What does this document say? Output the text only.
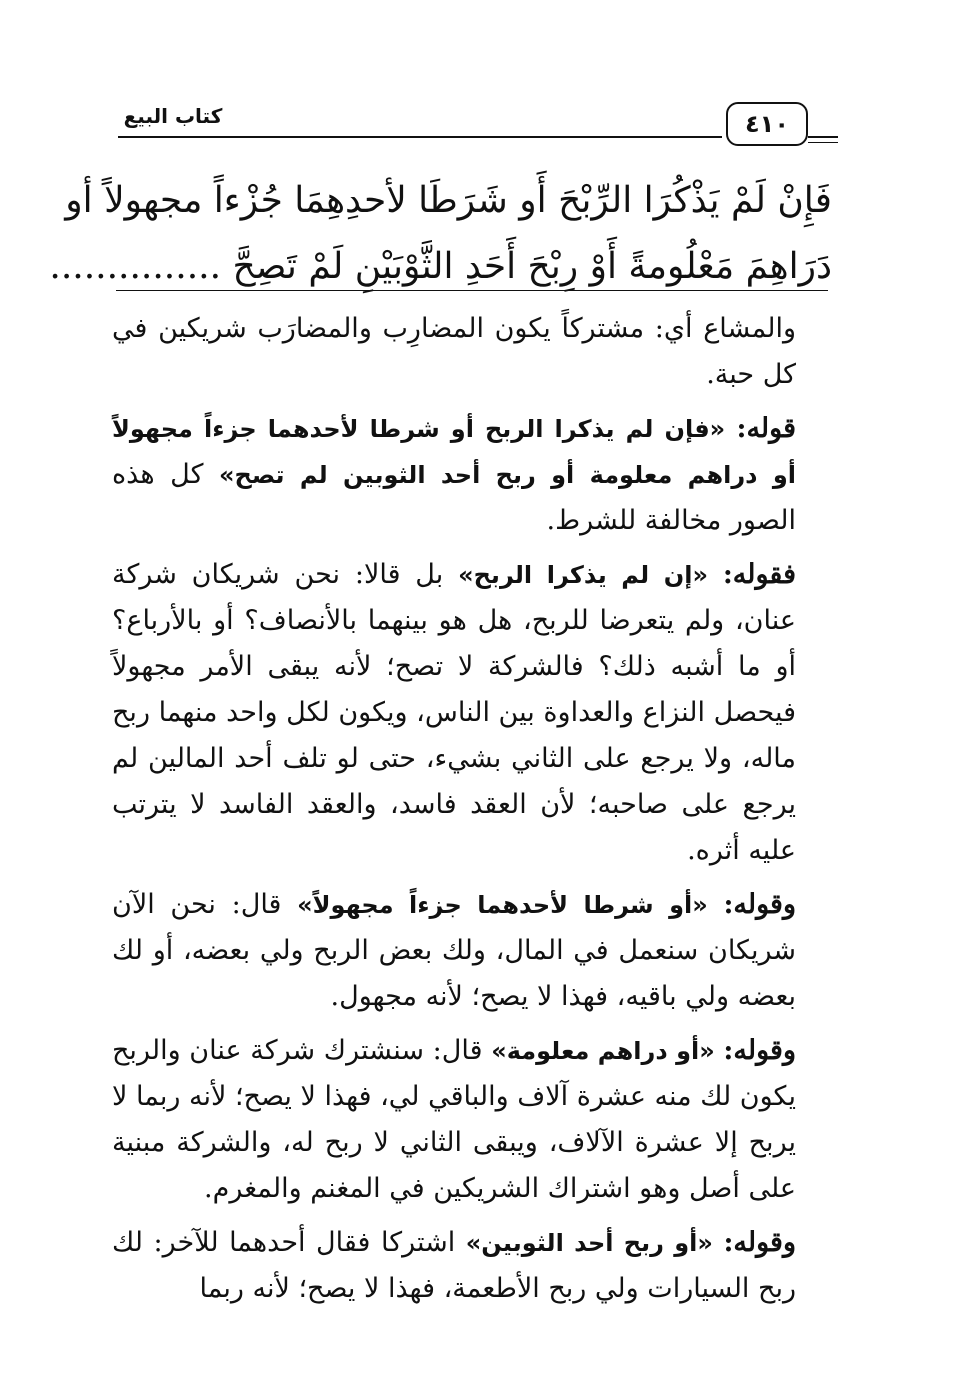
كتاب البيع	٤١٠
فَإِنْ لَمْ يَذْكُرَا الرِّبْحَ أَو شَرَطَا لأحدِهِمَا جُزْءاً مجهولاً أو
دَرَاهِمَ مَعْلُومةً أَوْ رِبْحَ أَحَدِ الثَّوْبَيْنِ لَمْ تَصِحَّ ...............

والمشاع أي: مشتركاً يكون المضارِب والمضارَب شريكين في كل حبة.

قوله: «فإن لم يذكرا الربح أو شرطا لأحدهما جزءاً مجهولاً أو دراهم معلومة أو ربح أحد الثوبين لم تصح» كل هذه الصور مخالفة للشرط.

فقوله: «إن لم يذكرا الربح» بل قالا: نحن شريكان شركة عنان، ولم يتعرضا للربح، هل هو بينهما بالأنصاف؟ أو بالأرباع؟ أو ما أشبه ذلك؟ فالشركة لا تصح؛ لأنه يبقى الأمر مجهولاً فيحصل النزاع والعداوة بين الناس، ويكون لكل واحد منهما ربح ماله، ولا يرجع على الثاني بشيء، حتى لو تلف أحد المالين لم يرجع على صاحبه؛ لأن العقد فاسد، والعقد الفاسد لا يترتب عليه أثره.

وقوله: «أو شرطا لأحدهما جزءاً مجهولاً» قال: نحن الآن شريكان سنعمل في المال، ولك بعض الربح ولي بعضه، أو لك بعضه ولي باقيه، فهذا لا يصح؛ لأنه مجهول.

وقوله: «أو دراهم معلومة» قال: سنشترك شركة عنان والربح يكون لك منه عشرة آلاف والباقي لي، فهذا لا يصح؛ لأنه ربما لا يربح إلا عشرة الآلاف، ويبقى الثاني لا ربح له، والشركة مبنية على أصل وهو اشتراك الشريكين في المغنم والمغرم.

وقوله: «أو ربح أحد الثوبين» اشتركا فقال أحدهما للآخر: لك ربح السيارات ولي ربح الأطعمة، فهذا لا يصح؛ لأنه ربما
